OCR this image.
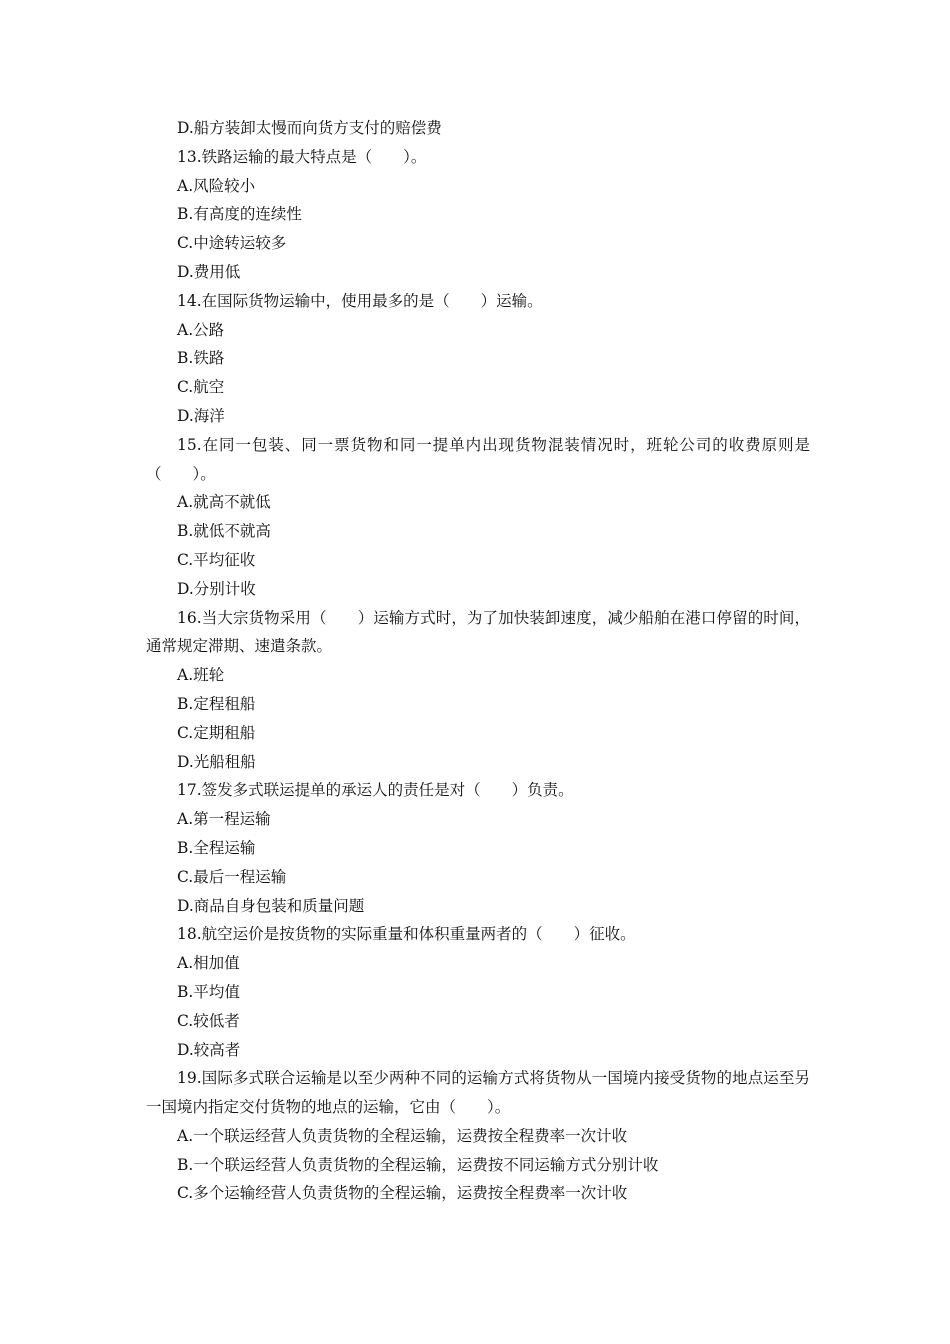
D.船方装卸太慢而向货方支付的赔偿费
13.铁路运输的最大特点是（　　）。
A.风险较小
B.有高度的连续性
C.中途转运较多
D.费用低
14.在国际货物运输中，使用最多的是（　　）运输。
A.公路
B.铁路
C.航空
D.海洋
15.在同一包装、同一票货物和同一提单内出现货物混装情况时，班轮公司的收费原则是（　　）。
A.就高不就低
B.就低不就高
C.平均征收
D.分别计收
16.当大宗货物采用（　　）运输方式时，为了加快装卸速度，减少船舶在港口停留的时间，通常规定滞期、速遣条款。
A.班轮
B.定程租船
C.定期租船
D.光船租船
17.签发多式联运提单的承运人的责任是对（　　）负责。
A.第一程运输
B.全程运输
C.最后一程运输
D.商品自身包装和质量问题
18.航空运价是按货物的实际重量和体积重量两者的（　　）征收。
A.相加值
B.平均值
C.较低者
D.较高者
19.国际多式联合运输是以至少两种不同的运输方式将货物从一国境内接受货物的地点运至另一国境内指定交付货物的地点的运输，它由（　　）。
A.一个联运经营人负责货物的全程运输，运费按全程费率一次计收
B.一个联运经营人负责货物的全程运输，运费按不同运输方式分别计收
C.多个运输经营人负责货物的全程运输，运费按全程费率一次计收
